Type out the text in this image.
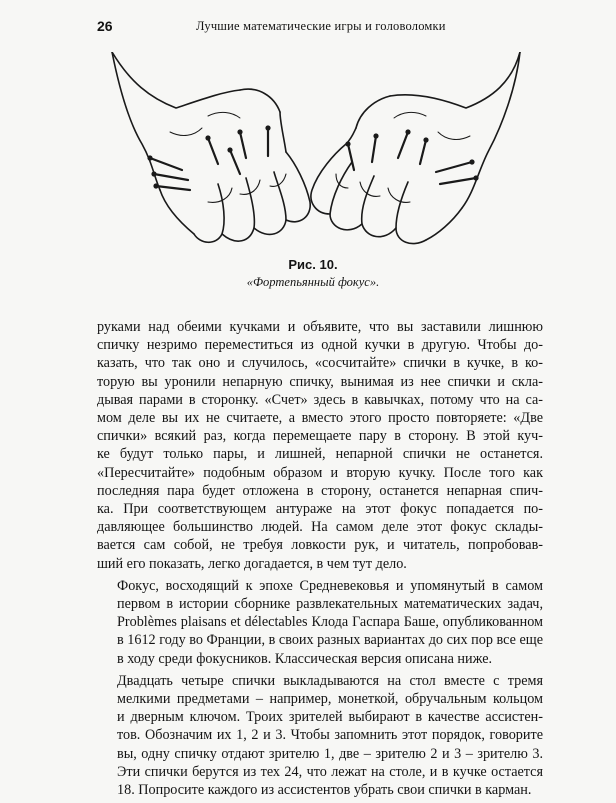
26	Лучшие математические игры и головоломки
Рис. 10.
«Фортепьянный фокус».

руками над обеими кучками и объявите, что вы заставили лишнюю
спичку незримо переместиться из одной кучки в другую. Чтобы до-
казать, что так оно и случилось, «сосчитайте» спички в кучке, в ко-
торую вы уронили непарную спичку, вынимая из нее спички и скла-
дывая парами в сторонку. «Счет» здесь в кавычках, потому что на са-
мом деле вы их не считаете, а вместо этого просто повторяете: «Две
спички» всякий раз, когда перемещаете пару в сторону. В этой куч-
ке будут только пары, и лишней, непарной спички не останется.
«Пересчитайте» подобным образом и вторую кучку. После того как
последняя пара будет отложена в сторону, останется непарная спич-
ка. При соответствующем антураже на этот фокус попадается по-
давляющее большинство людей. На самом деле этот фокус склады-
вается сам собой, не требуя ловкости рук, и читатель, попробовав-
ший его показать, легко догадается, в чем тут дело.

Фокус, восходящий к эпохе Средневековья и упомянутый в самом
первом в истории сборнике развлекательных математических задач,
Problèmes plaisans et délectables Клода Гаспара Баше, опубликованном
в 1612 году во Франции, в своих разных вариантах до сих пор все еще
в ходу среди фокусников. Классическая версия описана ниже.

Двадцать четыре спички выкладываются на стол вместе с тремя
мелкими предметами – например, монеткой, обручальным кольцом
и дверным ключом. Троих зрителей выбирают в качестве ассистен-
тов. Обозначим их 1, 2 и 3. Чтобы запомнить этот порядок, говорите
вы, одну спичку отдают зрителю 1, две – зрителю 2 и 3 – зрителю 3.
Эти спички берутся из тех 24, что лежат на столе, и в кучке остается
18. Попросите каждого из ассистентов убрать свои спички в карман.
